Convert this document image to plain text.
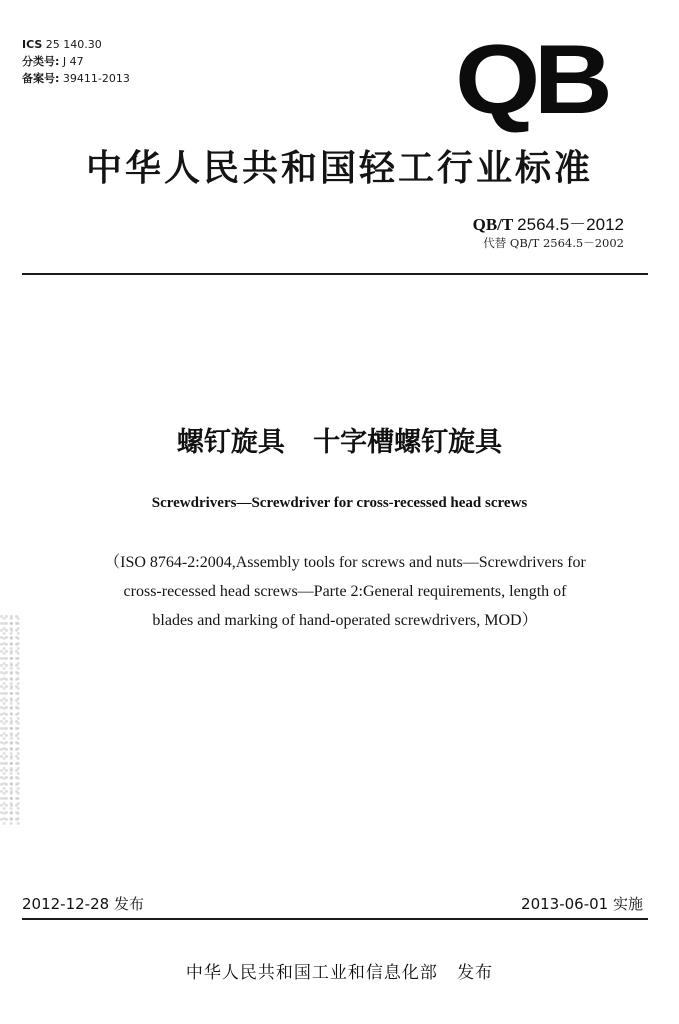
ICS 25 140.30
分类号: J 47
备案号: 39411-2013	QB
中华人民共和国轻工行业标准
QB/T 2564.5－2012
代替 QB/T 2564.5－2002
螺钉旋具   十字槽螺钉旋具
Screwdrivers—Screwdriver for cross-recessed head screws
（ISO 8764-2:2004,Assembly tools for screws and nuts—Screwdrivers for
cross-recessed head screws—Parte 2:General requirements, length of
blades and marking of hand-operated screwdrivers, MOD）
2012-12-28 发布	2013-06-01 实施
中华人民共和国工业和信息化部   发布
